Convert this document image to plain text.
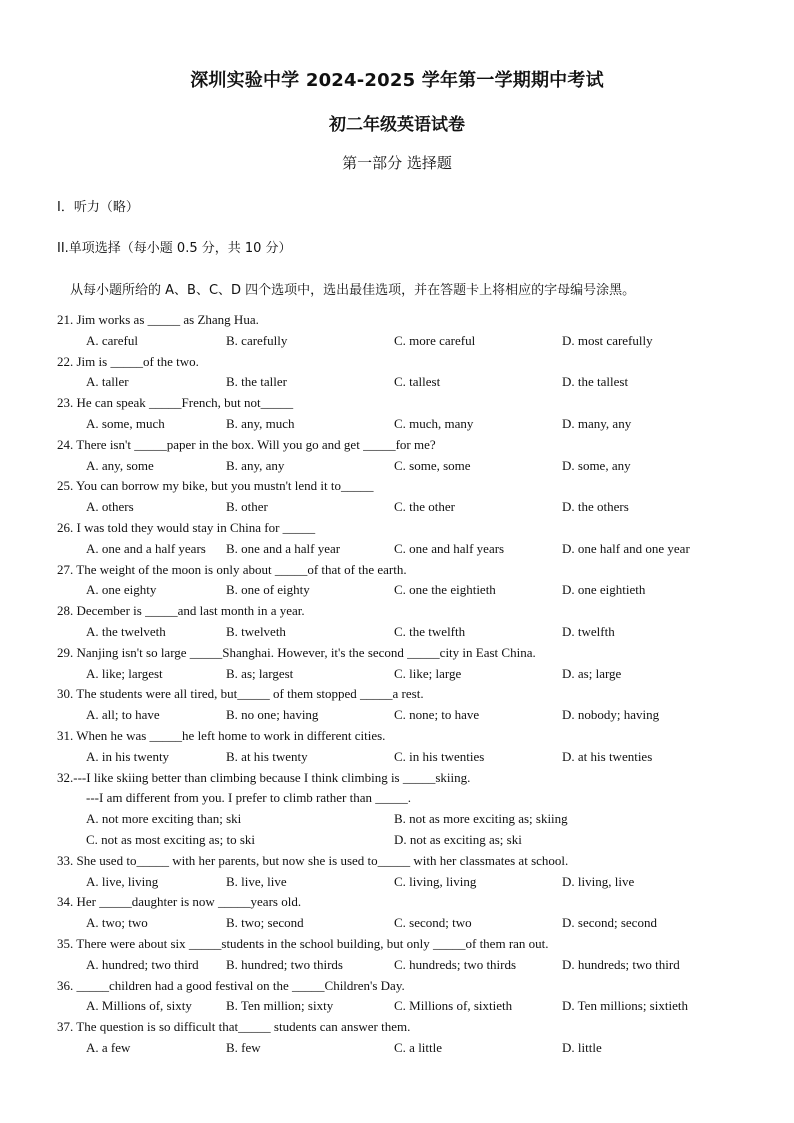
深圳实验中学 2024-2025 学年第一学期期中考试
初二年级英语试卷
第一部分 选择题
I．听力（略）
II.单项选择（每小题 0.5 分，共 10 分）
从每小题所给的 A、B、C、D 四个选项中，选出最佳选项，并在答题卡上将相应的字母编号涂黑。
21. Jim works as _____ as Zhang Hua.
A. careful	B. carefully	C. more careful	D. most carefully
22. Jim is _____of the two.
A. taller	B. the taller	C. tallest	D. the tallest
23. He can speak _____French, but not_____
A. some, much	B. any, much	C. much, many	D. many, any
24. There isn't _____paper in the box. Will you go and get _____for me?
A. any, some	B. any, any	C. some, some	D. some, any
25. You can borrow my bike, but you mustn't lend it to_____
A. others	B. other	C. the other	D. the others
26. I was told they would stay in China for _____
A. one and a half years B. one and a half year	C. one and half years	D. one half and one year
27. The weight of the moon is only about _____of that of the earth.
A. one eighty	B. one of eighty	C. one the eightieth	D. one eightieth
28. December is _____and last month in a year.
A. the twelveth	B. twelveth	C. the twelfth	D. twelfth
29. Nanjing isn't so large _____Shanghai. However, it's the second _____city in East China.
A. like; largest	B. as; largest	C. like; large	D. as; large
30. The students were all tired, but_____ of them stopped _____a rest.
A. all; to have	B. no one; having	C. none; to have	D. nobody; having
31. When he was _____he left home to work in different cities.
A. in his twenty	B. at his twenty	C. in his twenties	D. at his twenties
32.---I like skiing better than climbing because I think climbing is _____skiing.
---I am different from you. I prefer to climb rather than _____.
A. not more exciting than; ski	B. not as more exciting as; skiing
C. not as most exciting as; to ski	D. not as exciting as; ski
33. She used to_____ with her parents, but now she is used to_____ with her classmates at school.
A. live, living	B. live, live	C. living, living	D. living, live
34. Her _____daughter is now _____years old.
A. two; two	B. two; second	C. second; two	D. second; second
35. There were about six _____students in the school building, but only _____of them ran out.
A. hundred; two third B. hundred; two thirds	C. hundreds; two thirds	D. hundreds; two third
36. _____children had a good festival on the _____Children's Day.
A. Millions of, sixty	B. Ten million; sixty	C. Millions of, sixtieth	D. Ten millions; sixtieth
37. The question is so difficult that_____ students can answer them.
A. a few	B. few	C. a little	D. little
